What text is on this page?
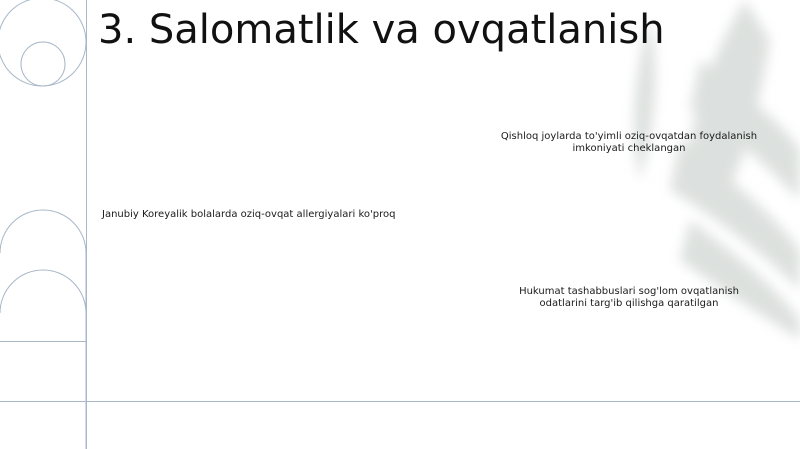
3. Salomatlik va ovqatlanish

Janubiy Koreyalik bolalarda oziq-ovqat allergiyalari ko'proq

Qishloq joylarda to'yimli oziq-ovqatdan foydalanish imkoniyati cheklangan

Hukumat tashabbuslari sog'lom ovqatlanish odatlarini targ'ib qilishga qaratilgan
